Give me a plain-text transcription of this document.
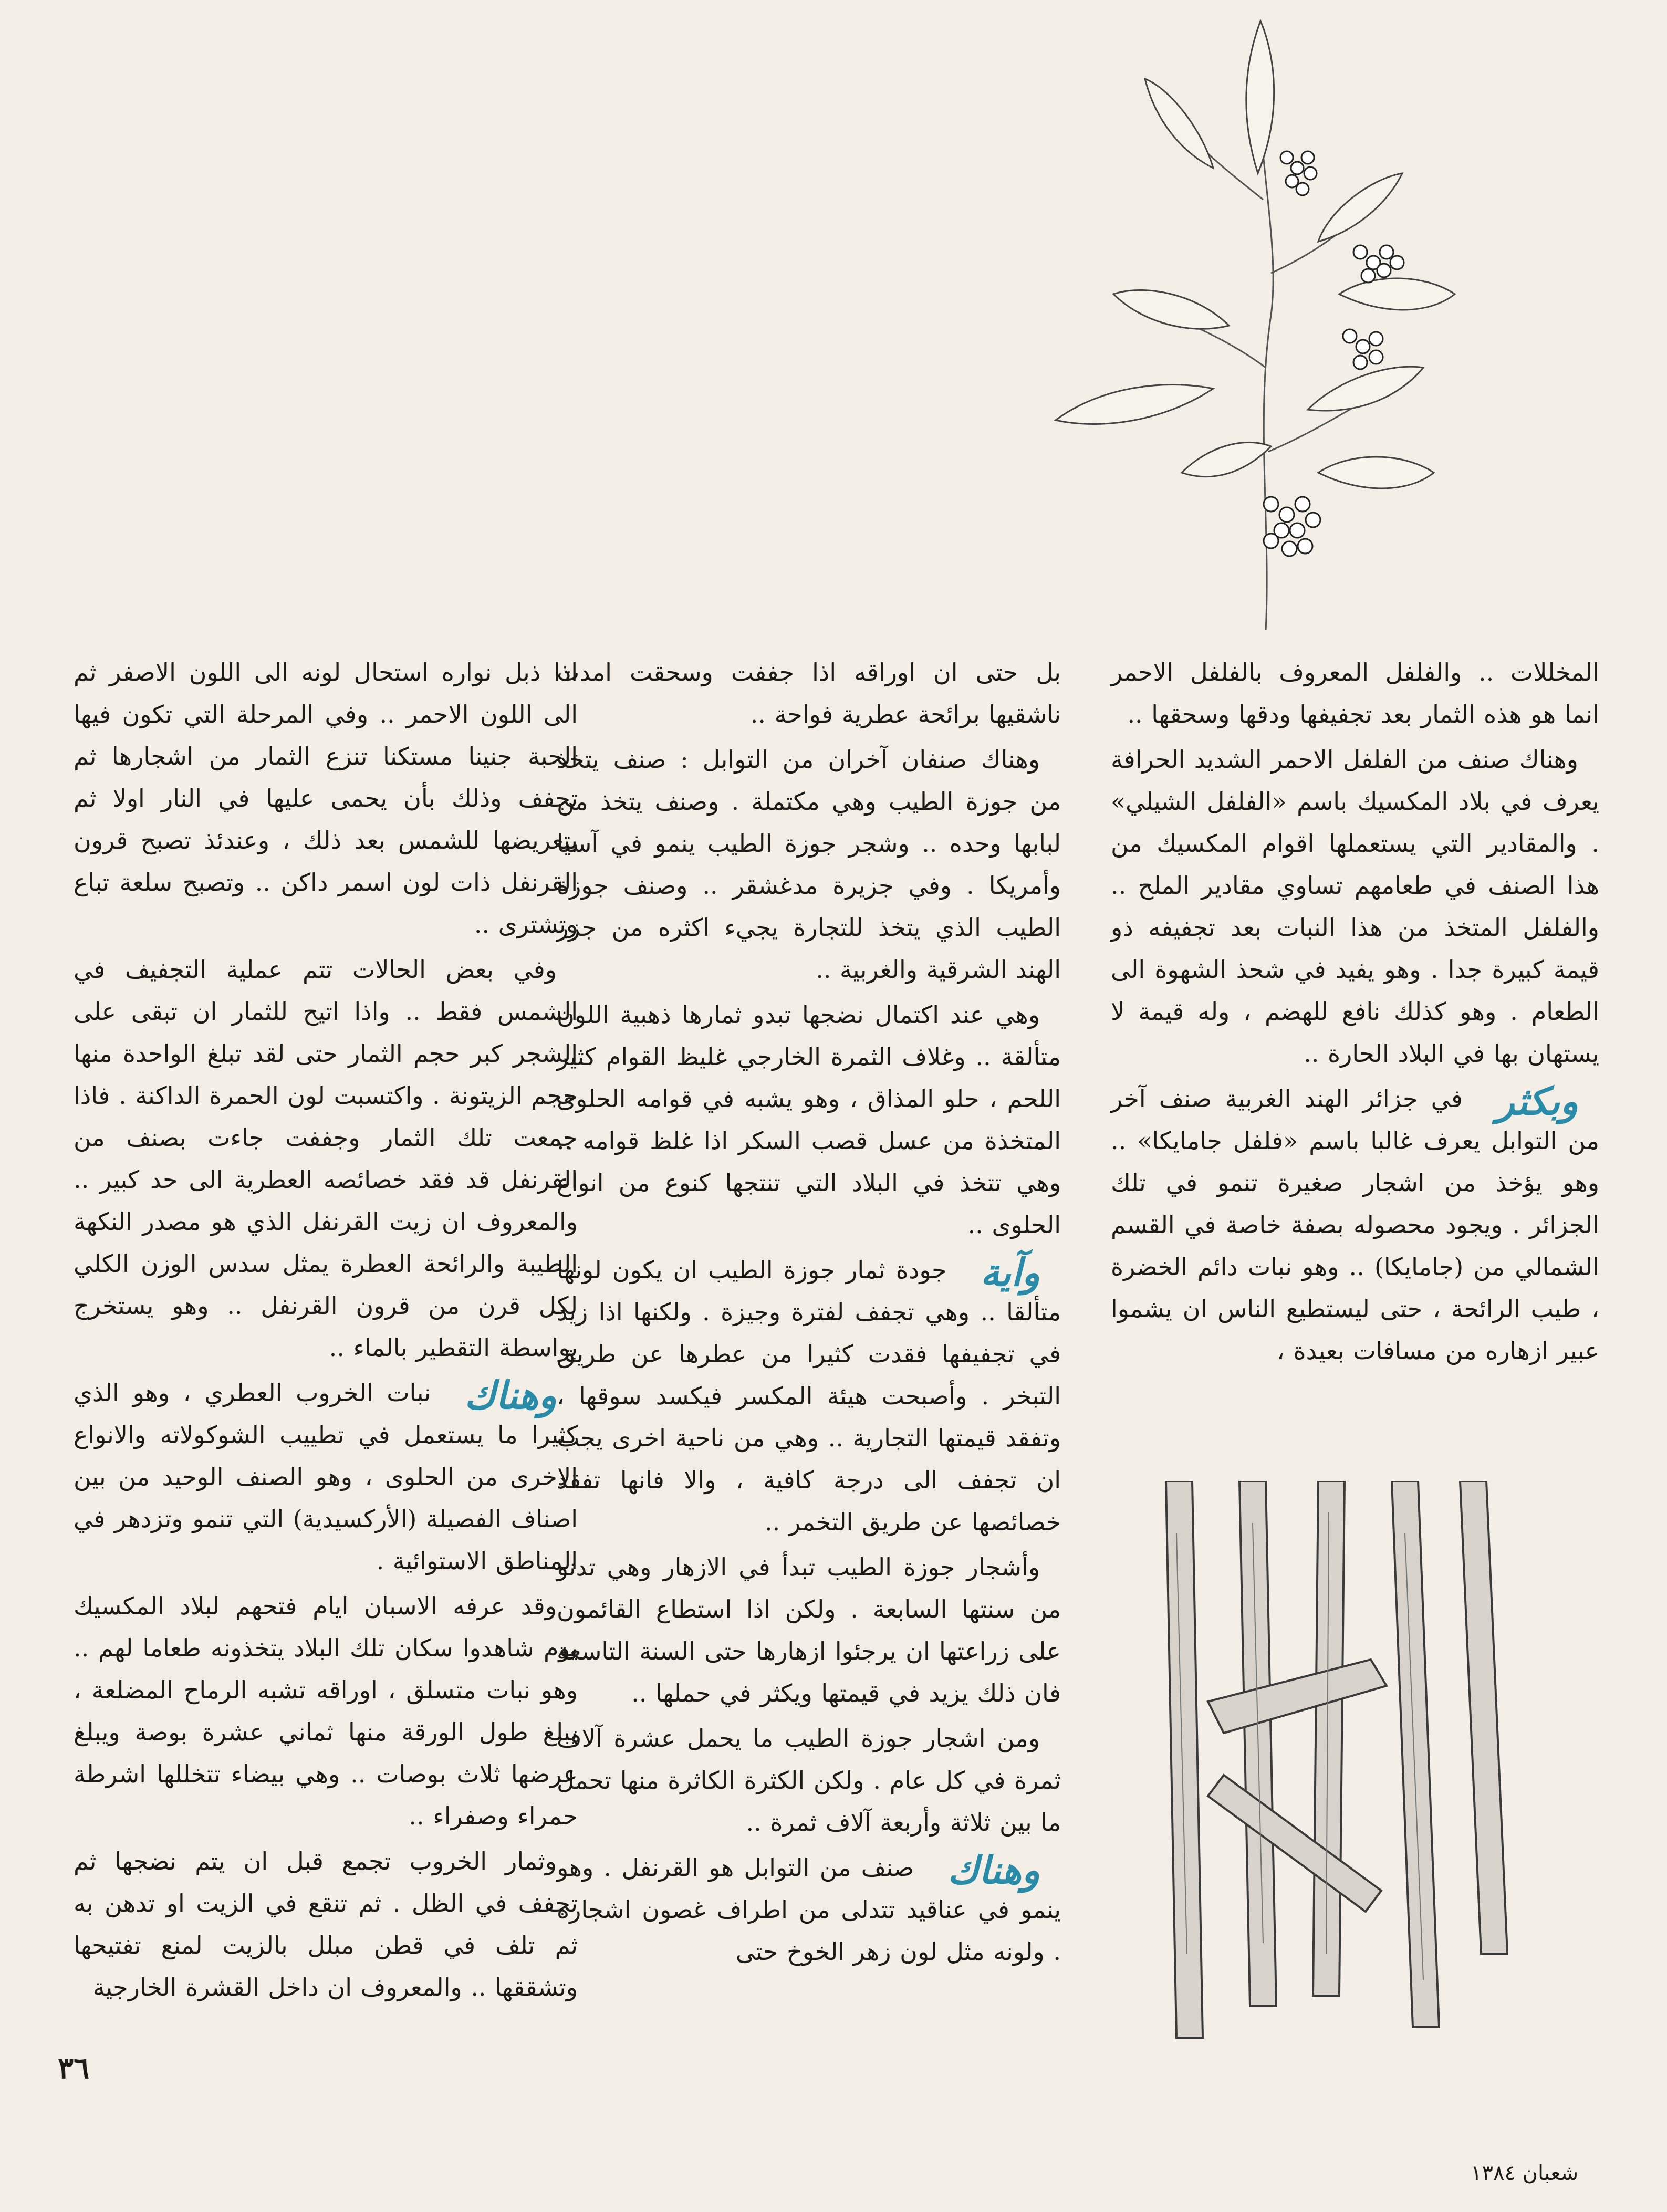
المخللات .. والفلفل المعروف بالفلفل الاحمر انما هو هذه الثمار بعد تجفيفها ودقها وسحقها ..

وهناك صنف من الفلفل الاحمر الشديد الحرافة يعرف في بلاد المكسيك باسم «الفلفل الشيلي» . والمقادير التي يستعملها اقوام المكسيك من هذا الصنف في طعامهم تساوي مقادير الملح .. والفلفل المتخذ من هذا النبات بعد تجفيفه ذو قيمة كبيرة جدا . وهو يفيد في شحذ الشهوة الى الطعام . وهو كذلك نافع للهضم ، وله قيمة لا يستهان بها في البلاد الحارة ..

وبكثر
في جزائر الهند الغربية صنف آخر من التوابل يعرف غالبا باسم «فلفل جامايكا» .. وهو يؤخذ من اشجار صغيرة تنمو في تلك الجزائر . ويجود محصوله بصفة خاصة في القسم الشمالي من (جامايكا) .. وهو نبات دائم الخضرة ، طيب الرائحة ، حتى ليستطيع الناس ان يشموا عبير ازهاره من مسافات بعيدة ،

بل حتى ان اوراقه اذا جففت وسحقت امدت ناشقيها برائحة عطرية فواحة ..

وهناك صنفان آخران من التوابل : صنف يتخذ من جوزة الطيب وهي مكتملة . وصنف يتخذ من لبابها وحده .. وشجر جوزة الطيب ينمو في آسيا وأمريكا . وفي جزيرة مدغشقر .. وصنف جوزة الطيب الذي يتخذ للتجارة يجيء اكثره من جزر الهند الشرقية والغربية ..

وهي عند اكتمال نضجها تبدو ثمارها ذهبية اللون متألقة .. وغلاف الثمرة الخارجي غليظ القوام كثير اللحم ، حلو المذاق ، وهو يشبه في قوامه الحلوى المتخذة من عسل قصب السكر اذا غلظ قوامه .. وهي تتخذ في البلاد التي تنتجها كنوع من انواع الحلوى ..

وآية
جودة ثمار جوزة الطيب ان يكون لونها متألقا .. وهي تجفف لفترة وجيزة . ولكنها اذا زيد في تجفيفها فقدت كثيرا من عطرها عن طريق التبخر . وأصبحت هيئة المكسر فيكسد سوقها ، وتفقد قيمتها التجارية .. وهي من ناحية اخرى يجب ان تجفف الى درجة كافية ، والا فانها تفقد خصائصها عن طريق التخمر ..

وأشجار جوزة الطيب تبدأ في الازهار وهي تدنو من سنتها السابعة . ولكن اذا استطاع القائمون على زراعتها ان يرجئوا ازهارها حتى السنة التاسعة فان ذلك يزيد في قيمتها ويكثر في حملها ..

ومن اشجار جوزة الطيب ما يحمل عشرة آلاف ثمرة في كل عام . ولكن الكثرة الكاثرة منها تحمل ما بين ثلاثة وأربعة آلاف ثمرة ..

وهناك
صنف من التوابل هو القرنفل . وهو ينمو في عناقيد تتدلى من اطراف غصون اشجاره . ولونه مثل لون زهر الخوخ حتى

اذا ذبل نواره استحال لونه الى اللون الاصفر ثم الى اللون الاحمر .. وفي المرحلة التي تكون فيها الحبة جنينا مستكنا تنزع الثمار من اشجارها ثم تجفف وذلك بأن يحمى عليها في النار اولا ثم بتعريضها للشمس بعد ذلك ، وعندئذ تصبح قرون القرنفل ذات لون اسمر داكن .. وتصبح سلعة تباع وتشترى ..

وفي بعض الحالات تتم عملية التجفيف في الشمس فقط .. واذا اتيح للثمار ان تبقى على الشجر كبر حجم الثمار حتى لقد تبلغ الواحدة منها حجم الزيتونة . واكتسبت لون الحمرة الداكنة . فاذا جمعت تلك الثمار وجففت جاءت بصنف من القرنفل قد فقد خصائصه العطرية الى حد كبير .. والمعروف ان زيت القرنفل الذي هو مصدر النكهة الطيبة والرائحة العطرة يمثل سدس الوزن الكلي لكل قرن من قرون القرنفل .. وهو يستخرج بواسطة التقطير بالماء ..

وهناك
نبات الخروب العطري ، وهو الذي كثيرا ما يستعمل في تطييب الشوكولاته والانواع الاخرى من الحلوى ، وهو الصنف الوحيد من بين اصناف الفصيلة (الأركسيدية) التي تنمو وتزدهر في المناطق الاستوائية .

وقد عرفه الاسبان ايام فتحهم لبلاد المكسيك يوم شاهدوا سكان تلك البلاد يتخذونه طعاما لهم .. وهو نبات متسلق ، اوراقه تشبه الرماح المضلعة ، يبلغ طول الورقة منها ثماني عشرة بوصة ويبلغ عرضها ثلاث بوصات .. وهي بيضاء تتخللها اشرطة حمراء وصفراء ..

وثمار الخروب تجمع قبل ان يتم نضجها ثم تجفف في الظل . ثم تنقع في الزيت او تدهن به ثم تلف في قطن مبلل بالزيت لمنع تفتيحها وتشققها .. والمعروف ان داخل القشرة الخارجية

٣٦
شعبان ١٣٨٤
